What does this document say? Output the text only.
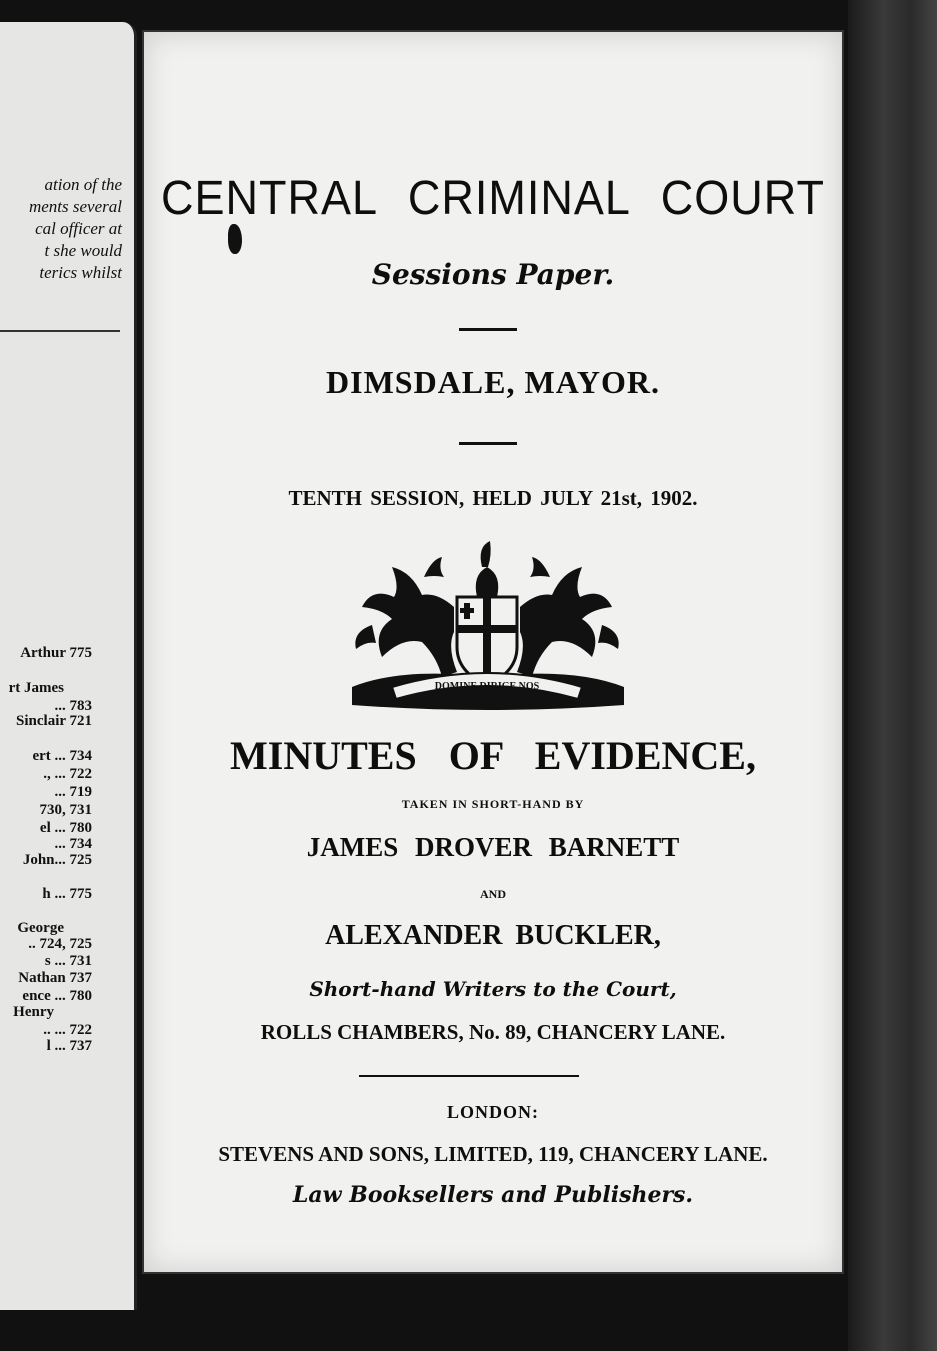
ation of the
ments several
cal officer at
t she would
terics whilst
Arthur 775
rt James
... 783
Sinclair 721
ert ... 734
., ... 722
... 719
730, 731
el ... 780
... 734
John... 725
h ... 775
George
.. 724, 725
s ... 731
Nathan 737
ence ... 780
Henry
.. ... 722
l ... 737
CENTRAL CRIMINAL COURT
Sessions Paper.
DIMSDALE, MAYOR.
TENTH SESSION, HELD JULY 21st, 1902.
DOMINE DIRIGE NOS
MINUTES OF EVIDENCE,
TAKEN IN SHORT-HAND BY
JAMES DROVER BARNETT
AND
ALEXANDER BUCKLER,
Short-hand Writers to the Court,
ROLLS CHAMBERS, No. 89, CHANCERY LANE.
LONDON:
STEVENS AND SONS, LIMITED, 119, CHANCERY LANE.
Law Booksellers and Publishers.
